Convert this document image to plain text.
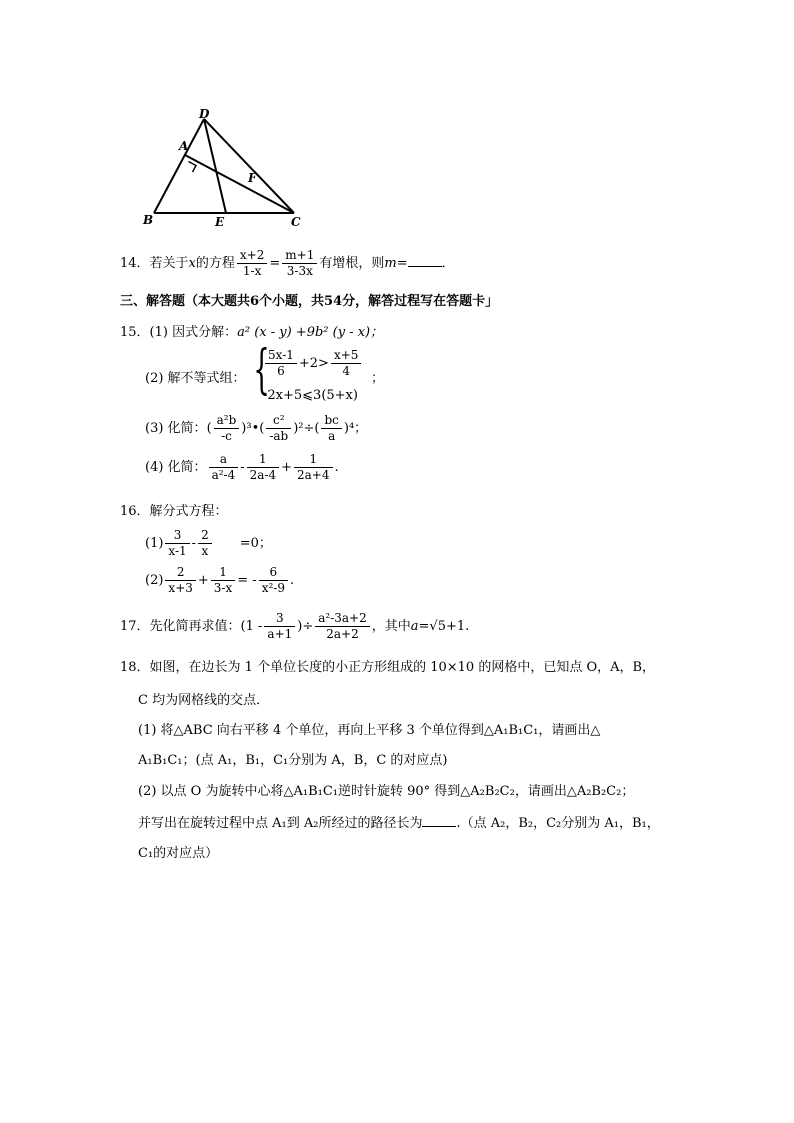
D
A
F
B	E	C
14．若关于x的方程 $\frac{x+2}{1-x} = \frac{m+1}{3-3x}$ 有增根，则m=	．
三、解答题（本大题共6个小题，共54分，解答过程写在答题卡」
15．(1) 因式分解：a² (x - y) +9b² (y - x)；
(2) 解不等式组： {
$\frac{5x-1}{6} +2> \frac{x+5}{4}$
-2x+5⩽3(5+x)
；
(3) 化简：( $\frac{\text{a²b}}{-c}$ )³•( $\frac{\text{c²}}{-ab} )^2\div( \frac{bc}{a} )^4$；
(4) 化简： $\frac{a}{\text{a²-4}} - \frac{1}{2a-4} + \frac{1}{2a+4}$ .
16．解分式方程：
$(1) \frac{3}{x-1} - \frac{2}{x} =0$；
$(2) \frac{2}{x+3} + \frac{1}{3-x}$ = - $\frac{6}{\text{x²-9}}$ .
17．先化简再求值：($1 - \frac{3}{a+1}$ )÷ $\frac{\text{a²-3a+2}}{2a+2}$ ，其中a=√5+1.
18．如图，在边长为 1 个单位长度的小正方形组成的 10×10 的网格中，已知点 O，A，B，
C 均为网格线的交点．
(1) 将△ABC 向右平移 4 个单位，再向上平移 3 个单位得到△A₁B₁C₁，请画出△
A₁B₁C₁；(点 A₁，B₁，C₁分别为 A，B，C 的对应点)
(2) 以点 O 为旋转中心将△A₁B₁C₁逆时针旋转 90° 得到△A₂B₂C₂，请画出△A₂B₂C₂；
并写出在旋转过程中点 A₁到 A₂所经过的路径长为	.（点 A₂，B₂，C₂分别为 A₁，B₁，
C₁的对应点）
